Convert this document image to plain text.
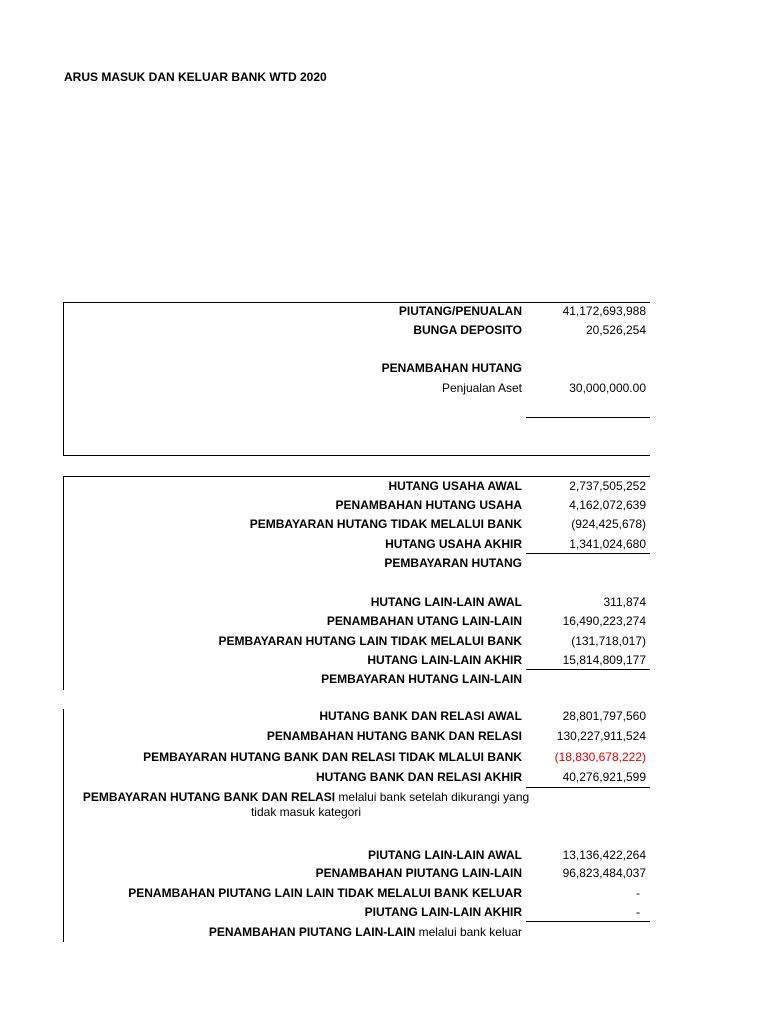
ARUS MASUK DAN KELUAR BANK WTD 2020
PIUTANG/PENUALAN	41,172,693,988
BUNGA DEPOSITO	20,526,254
PENAMBAHAN HUTANG
Penjualan Aset	30,000,000.00
HUTANG USAHA AWAL	2,737,505,252
PENAMBAHAN HUTANG USAHA	4,162,072,639
PEMBAYARAN HUTANG TIDAK MELALUI BANK	(924,425,678)
HUTANG USAHA AKHIR	1,341,024,680
PEMBAYARAN HUTANG
HUTANG LAIN-LAIN AWAL	311,874
PENAMBAHAN UTANG LAIN-LAIN	16,490,223,274
PEMBAYARAN HUTANG LAIN TIDAK MELALUI BANK	(131,718,017)
HUTANG LAIN-LAIN AKHIR	15,814,809,177
PEMBAYARAN HUTANG LAIN-LAIN
HUTANG BANK DAN RELASI AWAL	28,801,797,560
PENAMBAHAN HUTANG BANK DAN RELASI	130,227,911,524
PEMBAYARAN HUTANG BANK DAN RELASI TIDAK MLALUI BANK	(18,830,678,222)
HUTANG BANK DAN RELASI AKHIR	40,276,921,599
PEMBAYARAN HUTANG BANK DAN RELASI melalui bank setelah dikurangi yang
tidak masuk kategori
PIUTANG LAIN-LAIN AWAL	13,136,422,264
PENAMBAHAN PIUTANG LAIN-LAIN	96,823,484,037
PENAMBAHAN PIUTANG LAIN LAIN TIDAK MELALUI BANK KELUAR	-
PIUTANG LAIN-LAIN AKHIR	-
PENAMBAHAN PIUTANG LAIN-LAIN melalui bank keluar
